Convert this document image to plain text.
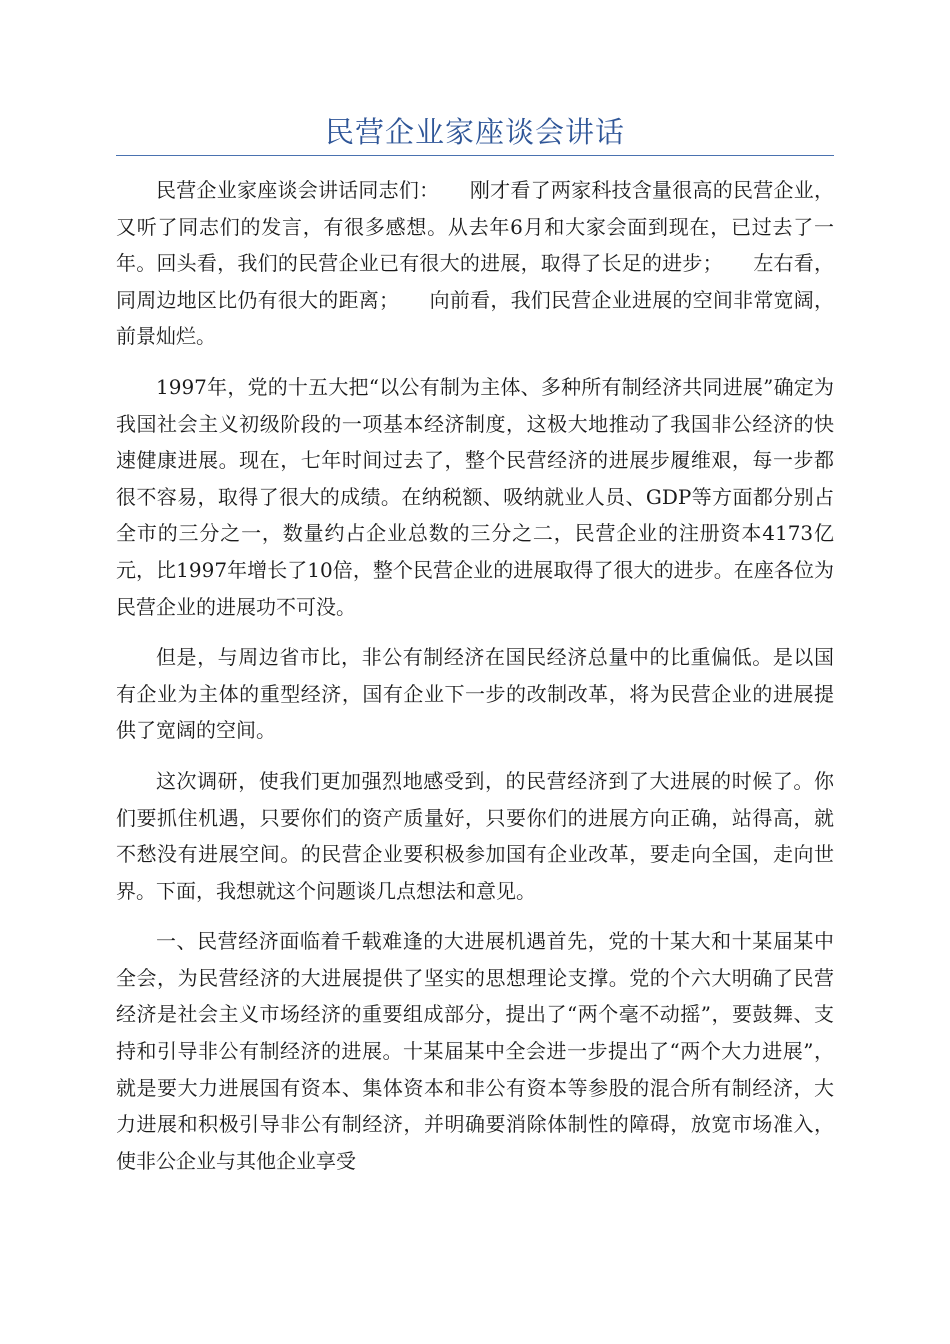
民营企业家座谈会讲话

民营企业家座谈会讲话同志们：　　刚才看了两家科技含量很高的民营企业，又听了同志们的发言，有很多感想。从去年6月和大家会面到现在，已过去了一年。回头看，我们的民营企业已有很大的进展，取得了长足的进步；　　左右看，同周边地区比仍有很大的距离；　　向前看，我们民营企业进展的空间非常宽阔，前景灿烂。

1997年，党的十五大把“以公有制为主体、多种所有制经济共同进展”确定为我国社会主义初级阶段的一项基本经济制度，这极大地推动了我国非公经济的快速健康进展。现在，七年时间过去了，整个民营经济的进展步履维艰，每一步都很不容易，取得了很大的成绩。在纳税额、吸纳就业人员、GDP等方面都分别占全市的三分之一，数量约占企业总数的三分之二，民营企业的注册资本4173亿元，比1997年增长了10倍，整个民营企业的进展取得了很大的进步。在座各位为民营企业的进展功不可没。

但是，与周边省市比，非公有制经济在国民经济总量中的比重偏低。是以国有企业为主体的重型经济，国有企业下一步的改制改革，将为民营企业的进展提供了宽阔的空间。

这次调研，使我们更加强烈地感受到，的民营经济到了大进展的时候了。你们要抓住机遇，只要你们的资产质量好，只要你们的进展方向正确，站得高，就不愁没有进展空间。的民营企业要积极参加国有企业改革，要走向全国，走向世界。下面，我想就这个问题谈几点想法和意见。

一、民营经济面临着千载难逢的大进展机遇首先，党的十某大和十某届某中全会，为民营经济的大进展提供了坚实的思想理论支撑。党的个六大明确了民营经济是社会主义市场经济的重要组成部分，提出了“两个毫不动摇”，要鼓舞、支持和引导非公有制经济的进展。十某届某中全会进一步提出了“两个大力进展”，就是要大力进展国有资本、集体资本和非公有资本等参股的混合所有制经济，大力进展和积极引导非公有制经济，并明确要消除体制性的障碍，放宽市场准入，使非公企业与其他企业享受
